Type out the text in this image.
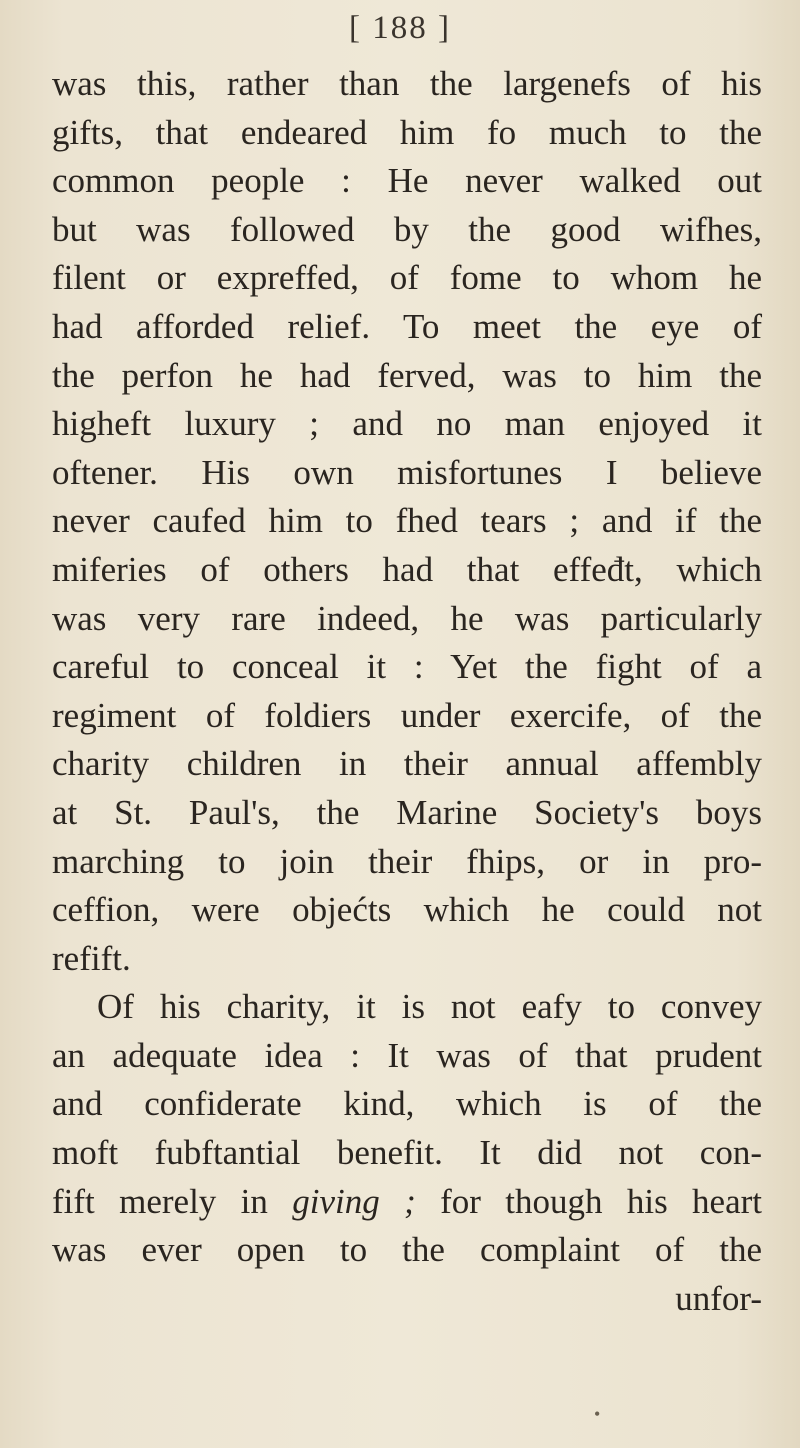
[ 188 ]
was this, rather than the largenefs of his
gifts, that endeared him fo much to the
common people : He never walked out
but was followed by the good wifhes,
filent or expreffed, of fome to whom he
had afforded relief. To meet the eye of
the perfon he had ferved, was to him the
higheft luxury ; and no man enjoyed it
oftener. His own misfortunes I believe
never caufed him to fhed tears ; and if the
miferies of others had that effeđt, which
was very rare indeed, he was particularly
careful to conceal it : Yet the fight of a
regiment of foldiers under exercife, of the
charity children in their annual affembly
at St. Paul's, the Marine Society's boys
marching to join their fhips, or in pro-
ceffion, were objećts which he could not
refift.
Of his charity, it is not eafy to convey
an adequate idea : It was of that prudent
and confiderate kind, which is of the
moft fubftantial benefit. It did not con-
fift merely in giving ; for though his heart
was ever open to the complaint of the
unfor-
•
